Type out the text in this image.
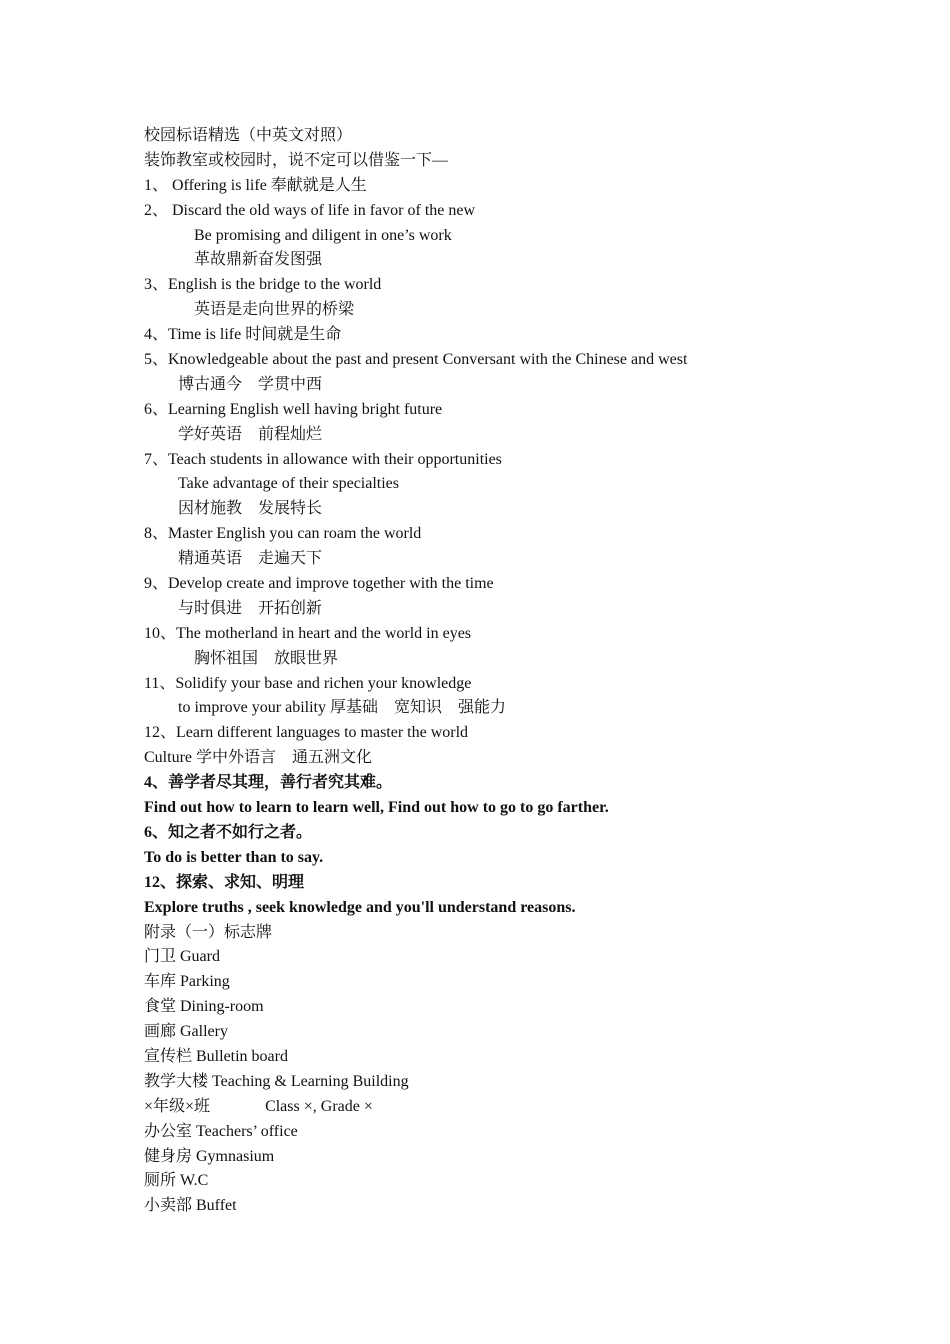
校园标语精选（中英文对照）
装饰教室或校园时，说不定可以借鉴一下—
1、 Offering is life 奉献就是人生
2、 Discard the old ways of life in favor of the new
Be promising and diligent in one’s work
革故鼎新奋发图强
3、English is the bridge to the world
英语是走向世界的桥梁
4、Time is life 时间就是生命
5、Knowledgeable about the past and present Conversant with the Chinese and west
博古通今 学贯中西
6、Learning English well having bright future
学好英语 前程灿烂
7、Teach students in allowance with their opportunities
Take advantage of their specialties
因材施教 发展特长
8、Master English you can roam the world
精通英语 走遍天下
9、Develop create and improve together with the time
与时俱进 开拓创新
10、The motherland in heart and the world in eyes
胸怀祖国 放眼世界
11、Solidify your base and richen your knowledge
to improve your ability 厚基础 宽知识 强能力
12、Learn different languages to master the world
Culture 学中外语言 通五洲文化
4、善学者尽其理，善行者究其难。
Find out how to learn to learn well, Find out how to go to go farther.
6、知之者不如行之者。
To do is better than to say.
12、探索、求知、明理
Explore truths , seek knowledge and you'll understand reasons.
附录（一）标志牌
门卫 Guard
车库 Parking
食堂 Dining-room
画廊 Gallery
宣传栏 Bulletin board
教学大楼 Teaching & Learning Building
×年级×班	Class ×, Grade ×
办公室 Teachers’ office
健身房 Gymnasium
厕所 W.C
小卖部 Buffet
